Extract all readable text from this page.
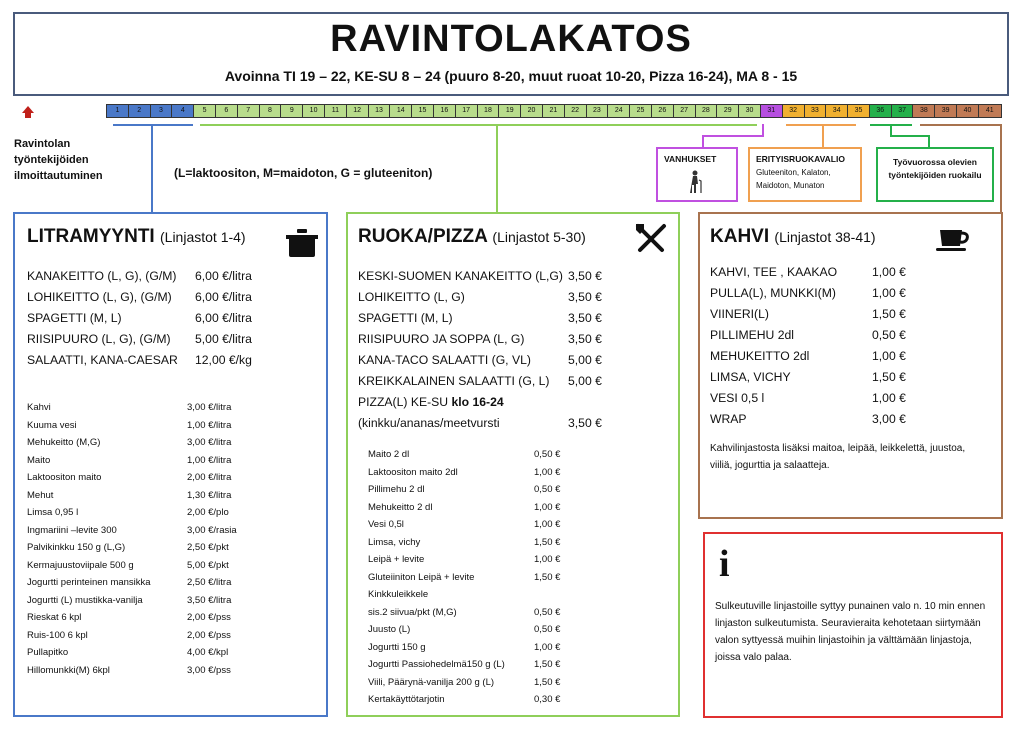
RAVINTOLAKATOS
Avoinna TI 19 – 22, KE-SU 8 – 24 (puuro 8-20, muut ruoat 10-20, Pizza 16-24), MA 8 - 15
1	2	3	4	5	6	7	8	9	10	11	12	13	14	15	16	17	18	19	20	21	22	23	24	25	26	27	28	29	30	31	32	33	34	35	36	37	38	39	40	41
Ravintolan työntekijöiden ilmoittautuminen	(L=laktoositon, M=maidoton, G = gluteeniton)
VANHUKSET	ERITYISRUOKAVALIO
Gluteeniton, Kalaton,
Maidoton, Munaton
Työvuorossa olevien työntekijöiden ruokailu
LITRAMYYNTI (Linjastot 1-4)
KANAKEITTO (L, G), (G/M)	6,00 €/litra
LOHIKEITTO (L, G), (G/M)	6,00 €/litra
SPAGETTI (M, L)	6,00 €/litra
RIISIPUURO (L, G), (G/M)	5,00 €/litra
SALAATTI, KANA-CAESAR	12,00 €/kg
Kahvi	3,00 €/litra
Kuuma vesi	1,00 €/litra
Mehukeitto (M,G)	3,00 €/litra
Maito	1,00 €/litra
Laktoositon maito	2,00 €/litra
Mehut	1,30 €/litra
Limsa 0,95 l	2,00 €/plo
Ingmariini –levite 300	3,00 €/rasia
Palvikinkku 150 g (L,G)	2,50 €/pkt
Kermajuustoviipale 500 g	5,00 €/pkt
Jogurtti perinteinen mansikka	2,50 €/litra
Jogurtti (L) mustikka-vanilja	3,50 €/litra
Rieskat 6 kpl	2,00 €/pss
Ruis-100 6 kpl	2,00 €/pss
Pullapitko	4,00 €/kpl
Hillomunkki(M) 6kpl	3,00 €/pss
RUOKA/PIZZA (Linjastot 5-30)
KESKI-SUOMEN KANAKEITTO (L,G) 3,50 €
LOHIKEITTO (L, G)	3,50 €
SPAGETTI (M, L)	3,50 €
RIISIPUURO JA SOPPA (L, G)	3,50 €
KANA-TACO SALAATTI (G, VL)	5,00 €
KREIKKALAINEN SALAATTI (G, L)	5,00 €
PIZZA(L) KE-SU klo 16-24
(kinkku/ananas/meetvursti	3,50 €
Maito 2 dl	0,50 €
Laktoositon maito 2dl	1,00 €
Pillimehu 2 dl	0,50 €
Mehukeitto 2 dl	1,00 €
Vesi 0,5l	1,00 €
Limsa, vichy	1,50 €
Leipä + levite	1,00 €
Gluteiiniton Leipä + levite	1,50 €
Kinkkuleikkele
sis.2 siivua/pkt (M,G)	0,50 €
Juusto (L)	0,50 €
Jogurtti 150 g	1,00 €
Jogurtti Passiohedelmä150 g (L)	1,50 €
Viili, Päärynä-vanilja 200 g (L)	1,50 €
Kertakäyttötarjotin	0,30 €
KAHVI (Linjastot 38-41)
KAHVI, TEE , KAAKAO	1,00 €
PULLA(L), MUNKKI(M)	1,00 €
VIINERI(L)	1,50 €
PILLIMEHU 2dl	0,50 €
MEHUKEITTO 2dl	1,00 €
LIMSA, VICHY	1,50 €
VESI 0,5 l	1,00 €
WRAP	3,00 €
Kahvilinjastosta lisäksi maitoa, leipää, leikkelettä, juustoa, viiliä, jogurttia ja salaatteja.
i
Sulkeutuville linjastoille syttyy punainen valo n. 10 min ennen linjaston sulkeutumista. Seuravieraita kehotetaan siirtymään valon syttyessä muihin linjastoihin ja välttämään linjastoja, joissa valo palaa.
